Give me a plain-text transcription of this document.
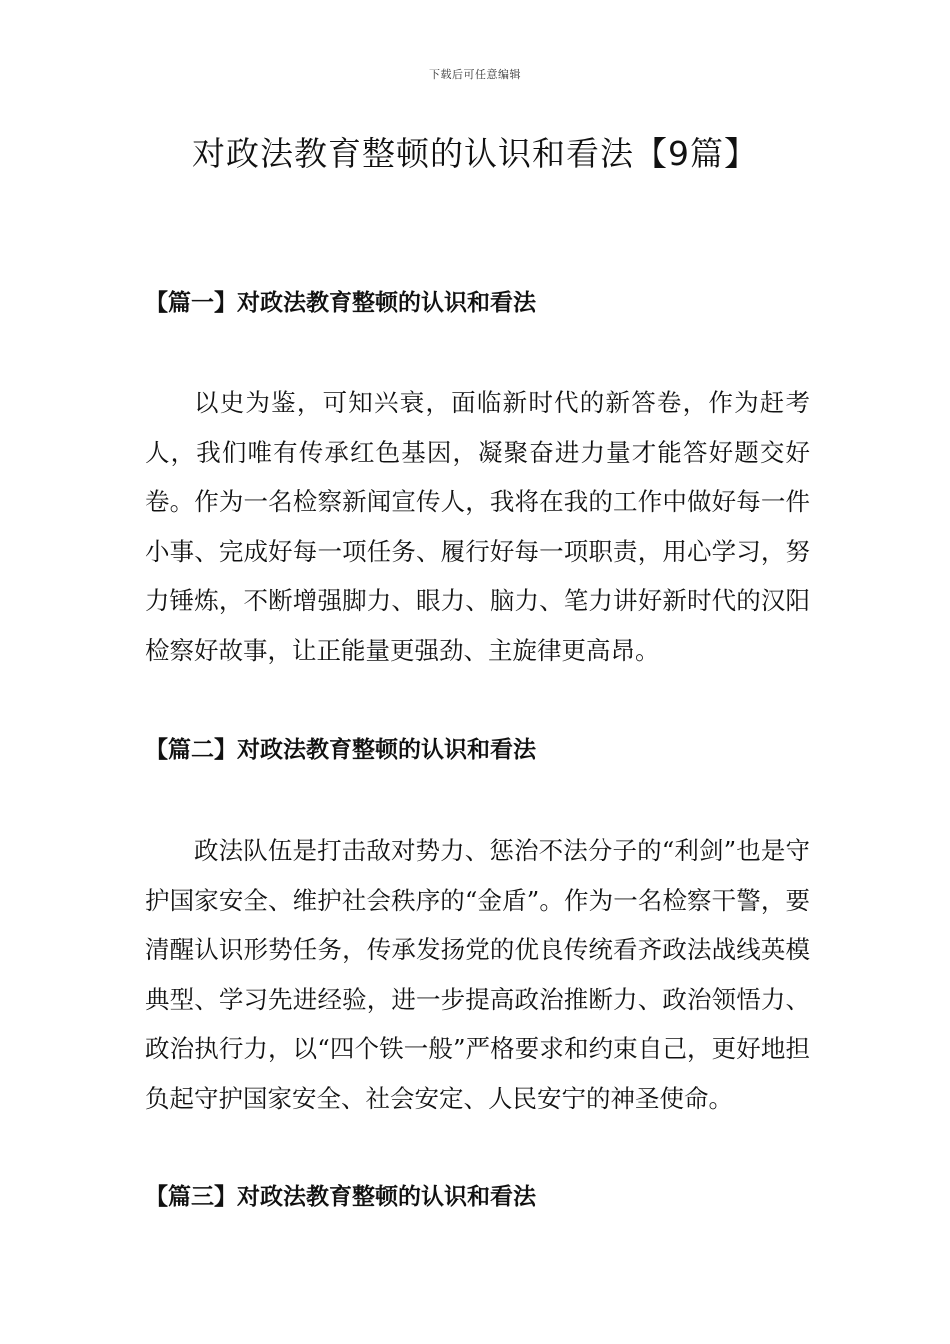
下载后可任意编辑
对政法教育整顿的认识和看法【9篇】
【篇一】对政法教育整顿的认识和看法

以史为鉴，可知兴衰，面临新时代的新答卷，作为赶考人，我们唯有传承红色基因，凝聚奋进力量才能答好题交好卷。作为一名检察新闻宣传人，我将在我的工作中做好每一件小事、完成好每一项任务、履行好每一项职责，用心学习，努力锤炼，不断增强脚力、眼力、脑力、笔力讲好新时代的汉阳检察好故事，让正能量更强劲、主旋律更高昂。

【篇二】对政法教育整顿的认识和看法

政法队伍是打击敌对势力、惩治不法分子的“利剑”也是守护国家安全、维护社会秩序的“金盾”。作为一名检察干警，要清醒认识形势任务，传承发扬党的优良传统看齐政法战线英模典型、学习先进经验，进一步提高政治推断力、政治领悟力、政治执行力，以“四个铁一般”严格要求和约束自己，更好地担负起守护国家安全、社会安定、人民安宁的神圣使命。

【篇三】对政法教育整顿的认识和看法
